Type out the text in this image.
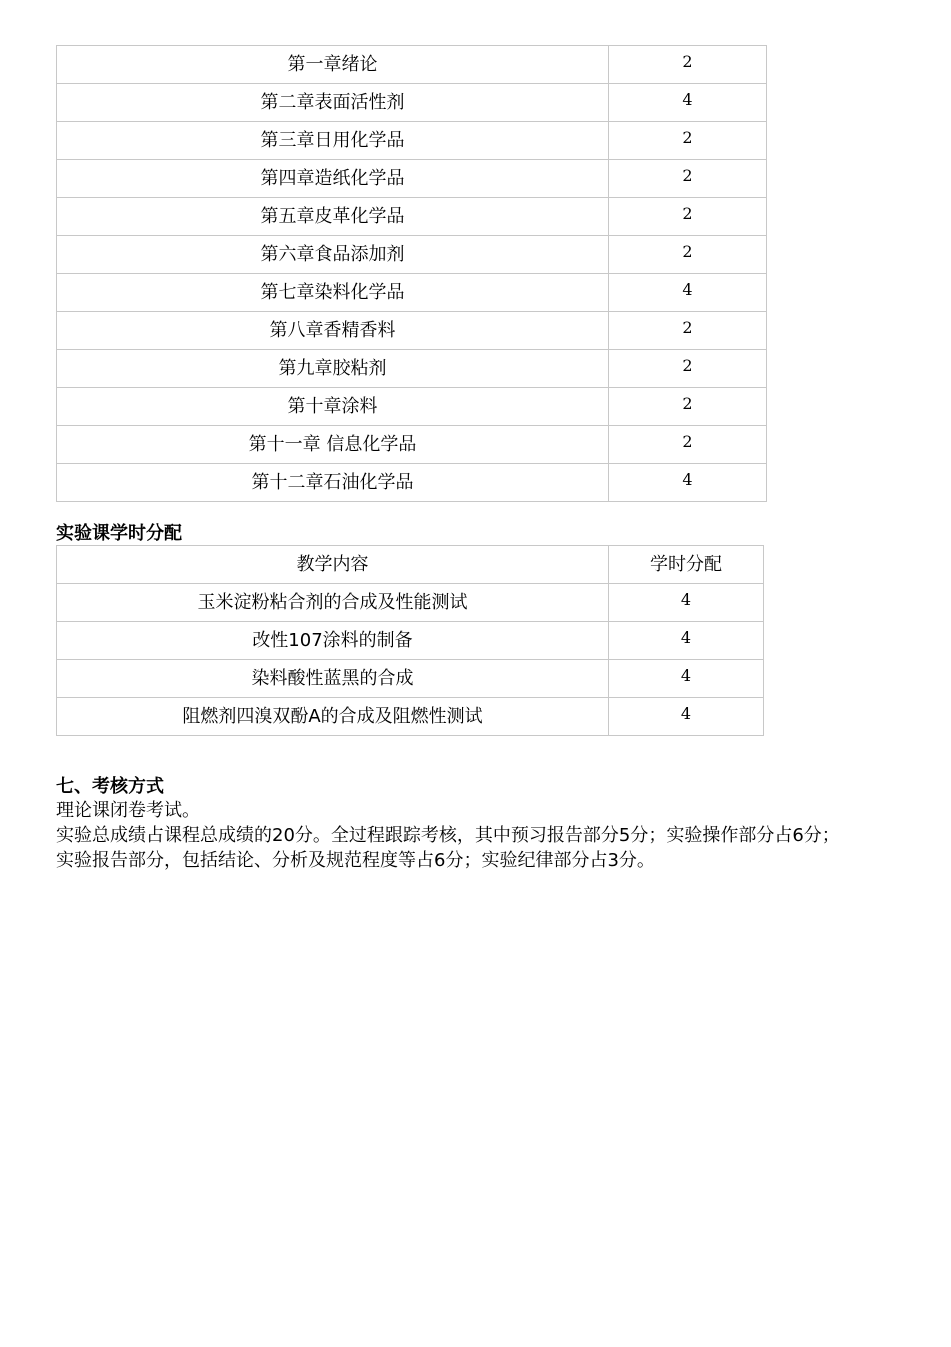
第一章绪论	2
第二章表面活性剂	4
第三章日用化学品	2
第四章造纸化学品	2
第五章皮革化学品	2
第六章食品添加剂	2
第七章染料化学品	4
第八章香精香料	2
第九章胶粘剂	2
第十章涂料	2
第十一章 信息化学品	2
第十二章石油化学品	4
实验课学时分配
教学内容	学时分配
玉米淀粉粘合剂的合成及性能测试	4
改性107涂料的制备	4
染料酸性蓝黑的合成	4
阻燃剂四溴双酚A的合成及阻燃性测试	4
七、考核方式

理论课闭卷考试。

实验总成绩占课程总成绩的20分。全过程跟踪考核，其中预习报告部分5分；实验操作部分占6分；

实验报告部分，包括结论、分析及规范程度等占6分；实验纪律部分占3分。
